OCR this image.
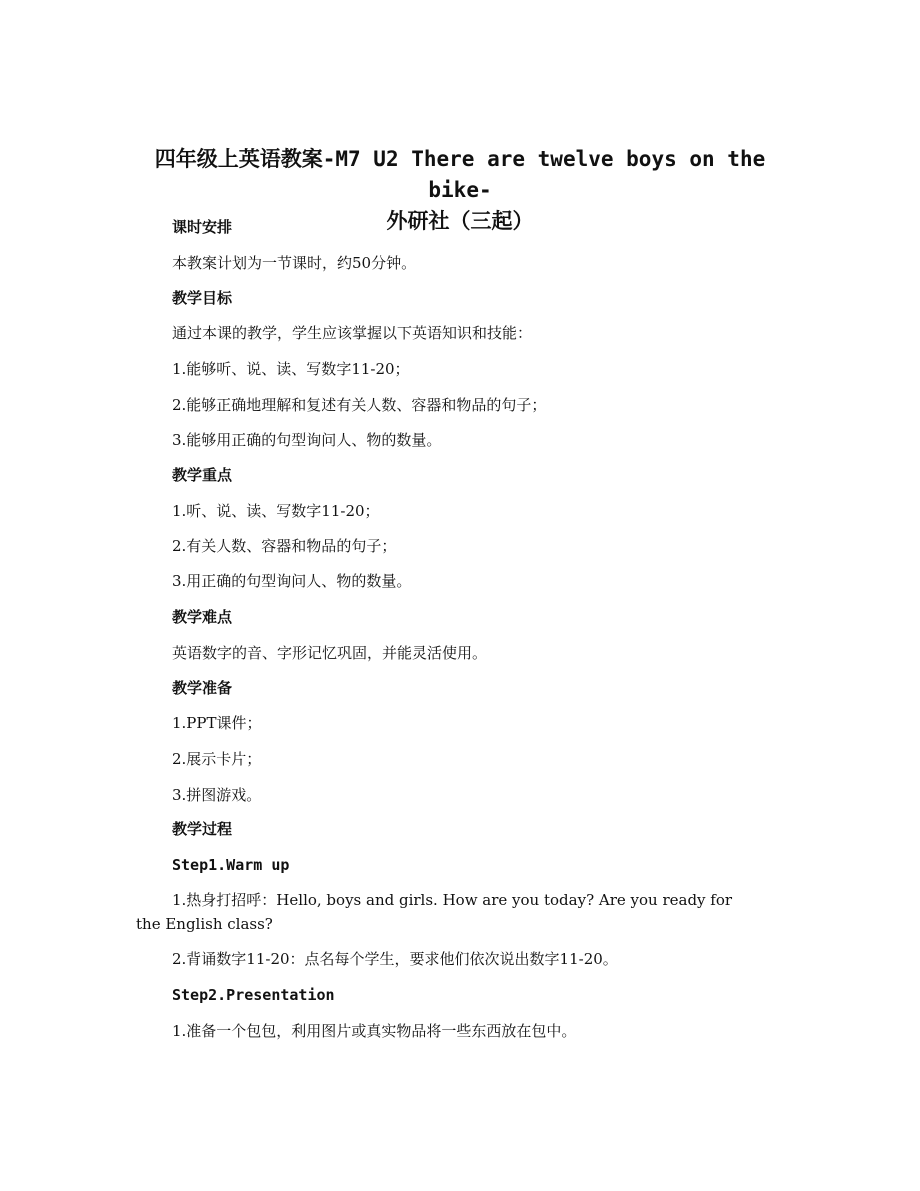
四年级上英语教案-M7 U2 There are twelve boys on the bike-
外研社（三起）
课时安排
本教案计划为一节课时，约50分钟。
教学目标
通过本课的教学，学生应该掌握以下英语知识和技能：
1.能够听、说、读、写数字11-20；
2.能够正确地理解和复述有关人数、容器和物品的句子；
3.能够用正确的句型询问人、物的数量。
教学重点
1.听、说、读、写数字11-20；
2.有关人数、容器和物品的句子；
3.用正确的句型询问人、物的数量。
教学难点
英语数字的音、字形记忆巩固，并能灵活使用。
教学准备
1.PPT课件；
2.展示卡片；
3.拼图游戏。
教学过程
Step1.Warm up
1.热身打招呼：Hello, boys and girls. How are you today? Are you ready for the English class?
2.背诵数字11-20：点名每个学生，要求他们依次说出数字11-20。
Step2.Presentation
1.准备一个包包，利用图片或真实物品将一些东西放在包中。
